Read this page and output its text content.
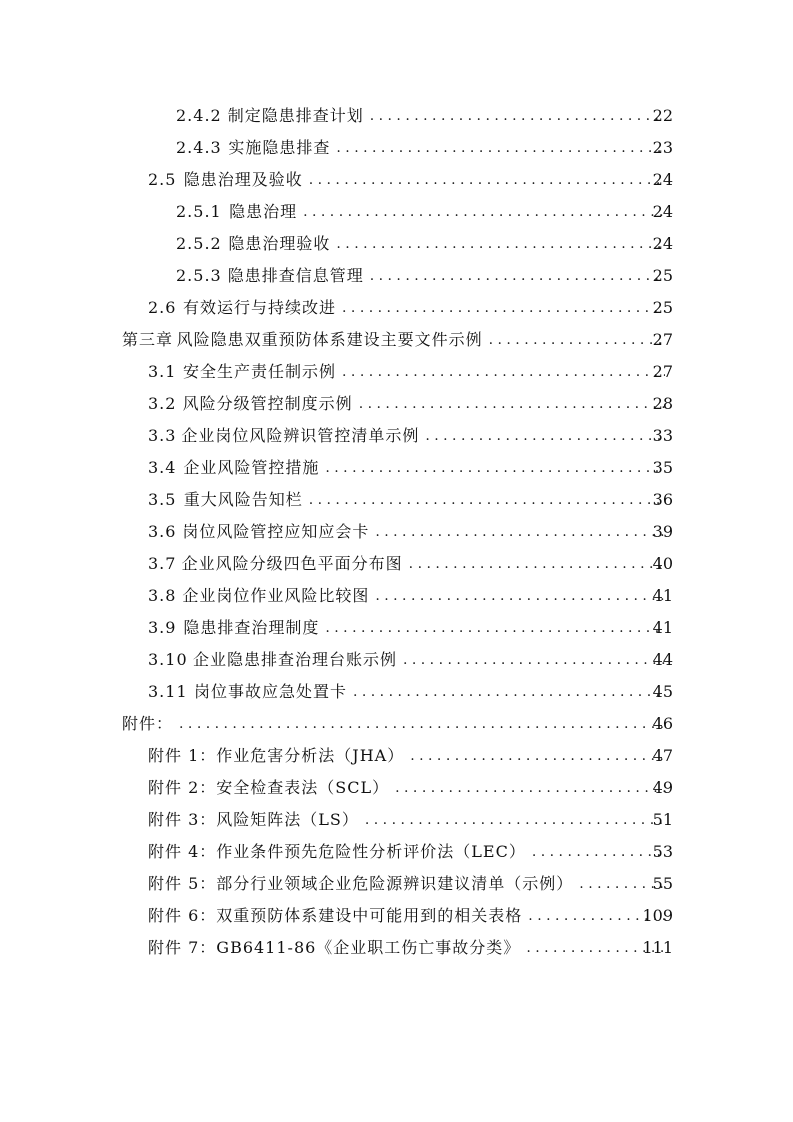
2.4.2 制定隐患排查计划 . . .	22
2.4.3 实施隐患排查 . . .	23
2.5 隐患治理及验收 . . .	24
2.5.1 隐患治理 . . .	24
2.5.2 隐患治理验收 . . .	24
2.5.3 隐患排查信息管理 . . .	25
2.6 有效运行与持续改进 . . .	25
第三章 风险隐患双重预防体系建设主要文件示例 . . .	27
3.1 安全生产责任制示例 . . .	27
3.2 风险分级管控制度示例 . . .	28
3.3 企业岗位风险辨识管控清单示例 . . .	33
3.4 企业风险管控措施 . . .	35
3.5 重大风险告知栏 . . .	36
3.6 岗位风险管控应知应会卡 . . .	39
3.7 企业风险分级四色平面分布图 . . .	40
3.8 企业岗位作业风险比较图 . . .	41
3.9 隐患排查治理制度 . . .	41
3.10 企业隐患排查治理台账示例 . . .	44
3.11 岗位事故应急处置卡 . . .	45
附件： . . .	46
附件 1： 作业危害分析法（JHA） . . .	47
附件 2： 安全检查表法（SCL） . . .	49
附件 3： 风险矩阵法（LS） . . .	51
附件 4： 作业条件预先危险性分析评价法（LEC） . . .	53
附件 5： 部分行业领域企业危险源辨识建议清单（示例） . . .	55
附件 6： 双重预防体系建设中可能用到的相关表格 . . .	109
附件 7： GB6411-86《企业职工伤亡事故分类》 . . .	111
